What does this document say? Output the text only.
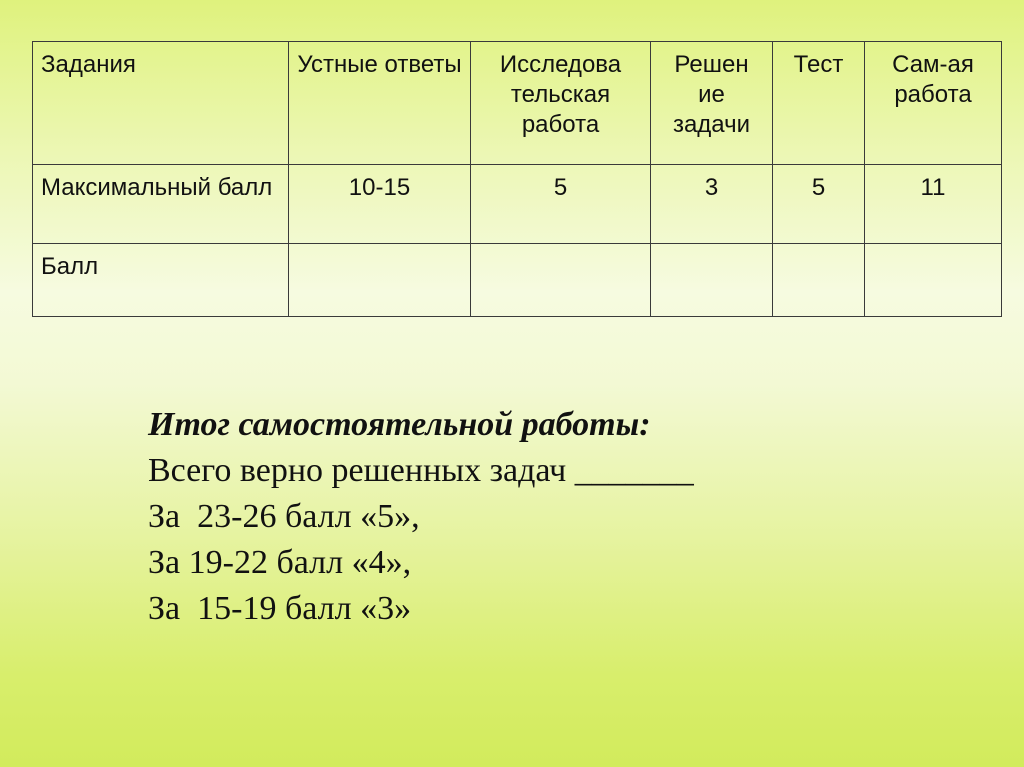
Задания	Устные ответы	Исследова тельская работа	Решен ие задачи	Тест	Сам-ая работа
Максимальный балл	10-15	5	3	5	11
Балл					
Итог самостоятельной работы:
Всего верно решенных задач _______
За  23-26 балл «5»,
За 19-22 балл «4»,
За  15-19 балл «3»
